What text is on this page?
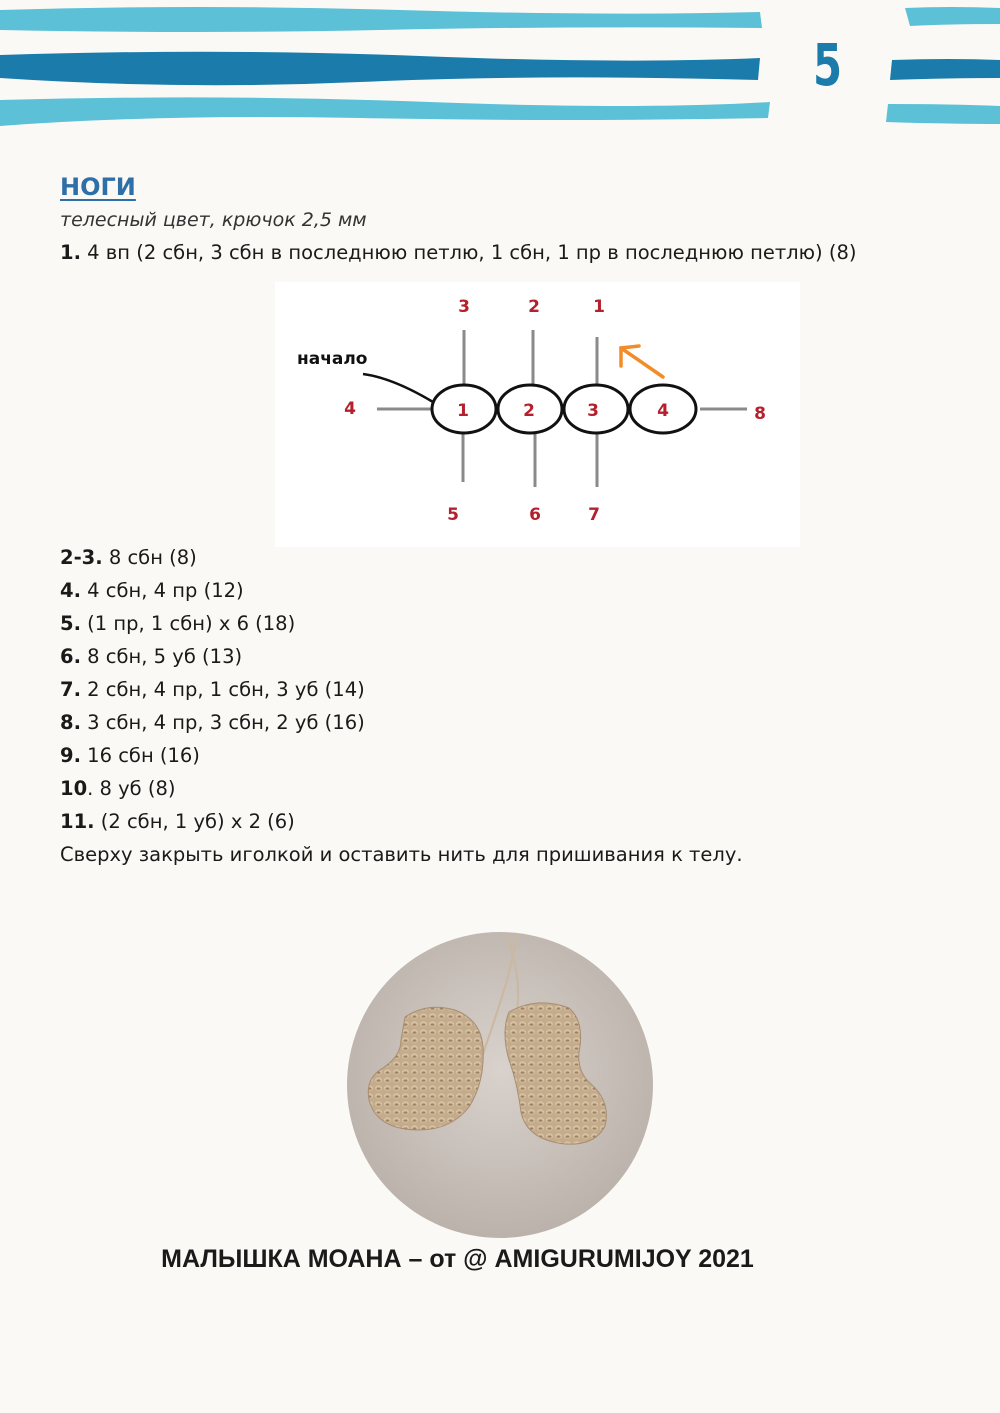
5
НОГИ
телесный цвет, крючок 2,5 мм
1. 4 вп (2 сбн, 3 сбн в последнюю петлю, 1 сбн, 1 пр в последнюю петлю) (8)
3	2	1
4	8
5	6	7
начало
1	2	3	4
2-3. 8 сбн (8)
4. 4 сбн, 4 пр (12)
5. (1 пр, 1 сбн) х 6 (18)
6. 8 сбн, 5 уб (13)
7. 2 сбн, 4 пр, 1 сбн, 3 уб (14)
8. 3 сбн, 4 пр, 3 сбн, 2 уб (16)
9. 16 сбн (16)
10. 8 уб (8)
11. (2 сбн, 1 уб) х 2 (6)
Сверху закрыть иголкой и оставить нить для пришивания к телу.
МАЛЫШКА МОАНА – от @ AMIGURUMIJOY 2021
